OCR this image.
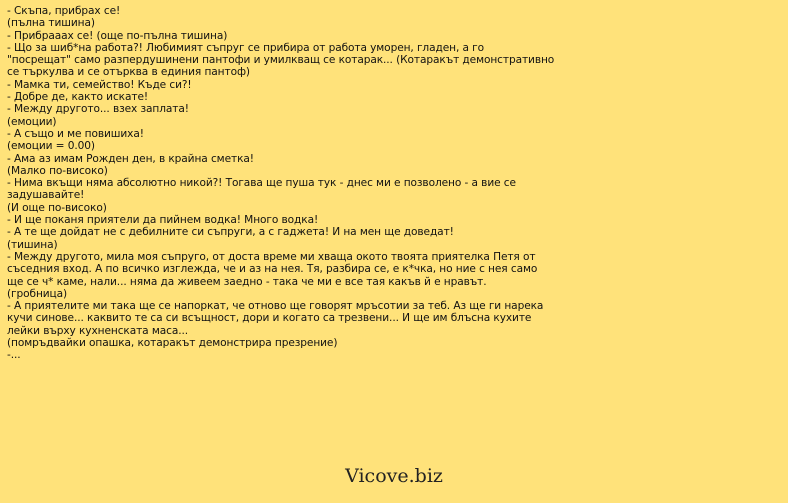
- Скъпа, прибрах се!
(пълна тишина)
- Прибрааах се! (още по-пълна тишина)
- Що за шиб*на работа?! Любимият съпруг се прибира от работа уморен, гладен, а го
"посрещат" само разпердушинени пантофи и умилкващ се котарак... (Котаракът демонстративно
се търкулва и се отърква в единия пантоф)
- Мамка ти, семейство! Къде си?!
- Добре де, както искате!
- Между другото... взех заплата!
(емоции)
- А също и ме повишиха!
(емоции = 0.00)
- Ама аз имам Рожден ден, в крайна сметка!
(Малко по-високо)
- Нима вкъщи няма абсолютно никой?! Тогава ще пуша тук - днес ми е позволено - а вие се
задушавайте!
(И още по-високо)
- И ще поканя приятели да пийнем водка! Много водка!
- А те ще дойдат не с дебилните си съпруги, а с гаджета! И на мен ще доведат!
(тишина)
- Между другото, мила моя съпруго, от доста време ми хваща окото твоята приятелка Петя от
съседния вход. А по всичко изглежда, че и аз на нея. Тя, разбира се, е к*чка, но ние с нея само
ще се ч* каме, нали... няма да живеем заедно - така че ми е все тая какъв й е нравът.
(гробница)
- А приятелите ми така ще се напоркат, че отново ще говорят мръсотии за теб. Аз ще ги нарека
кучи синове... каквито те са си всъщност, дори и когато са трезвени... И ще им блъсна кухите
лейки върху кухненската маса...
(помръдвайки опашка, котаракът демонстрира презрение)
-...
Vicove.biz
